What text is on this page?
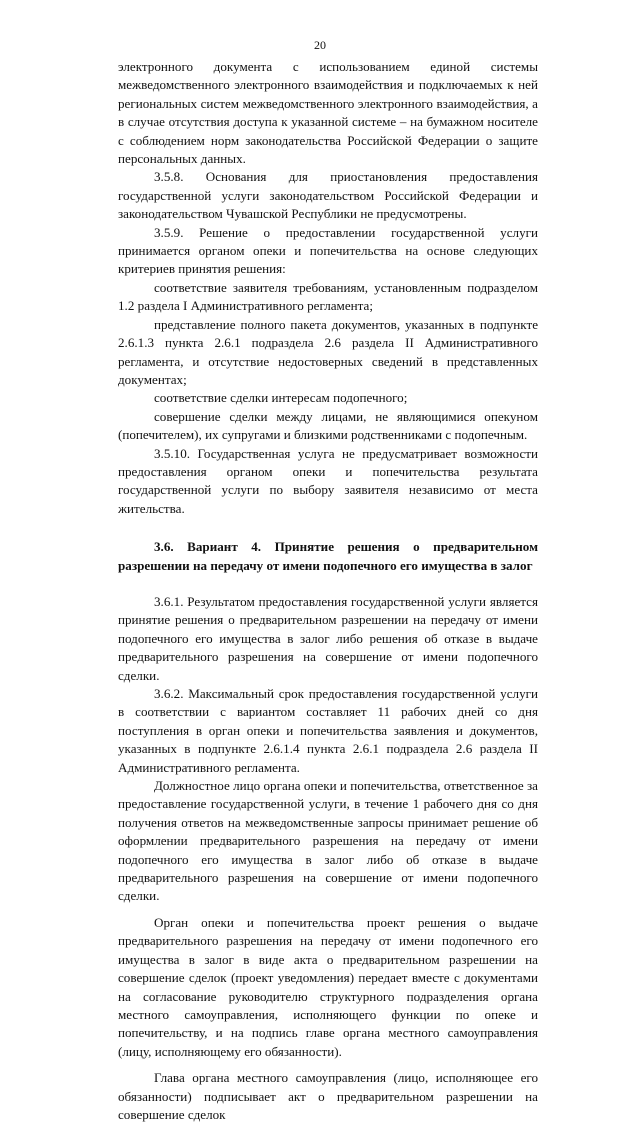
20

электронного документа с использованием единой системы межведомственного электронного взаимодействия и подключаемых к ней региональных систем межведомственного электронного взаимодействия, а в случае отсутствия доступа к указанной системе – на бумажном носителе с соблюдением норм законодательства Российской Федерации о защите персональных данных.

3.5.8. Основания для приостановления предоставления государственной услуги законодательством Российской Федерации и законодательством Чувашской Республики не предусмотрены.

3.5.9. Решение о предоставлении государственной услуги принимается органом опеки и попечительства на основе следующих критериев принятия решения:

соответствие заявителя требованиям, установленным подразделом 1.2 раздела I Административного регламента;

представление полного пакета документов, указанных в подпункте 2.6.1.3 пункта 2.6.1 подраздела 2.6 раздела II Административного регламента, и отсутствие недостоверных сведений в представленных документах;

соответствие сделки интересам подопечного;

совершение сделки между лицами, не являющимися опекуном (попечителем), их супругами и близкими родственниками с подопечным.

3.5.10. Государственная услуга не предусматривает возможности предоставления органом опеки и попечительства результата государственной услуги по выбору заявителя независимо от места жительства.

3.6. Вариант 4. Принятие решения о предварительном разрешении на передачу от имени подопечного его имущества в залог

3.6.1. Результатом предоставления государственной услуги является принятие решения о предварительном разрешении на передачу от имени подопечного его имущества в залог либо решения об отказе в выдаче предварительного разрешения на совершение от имени подопечного сделки.

3.6.2. Максимальный срок предоставления государственной услуги в соответствии с вариантом составляет 11 рабочих дней со дня поступления в орган опеки и попечительства заявления и документов, указанных в подпункте 2.6.1.4 пункта 2.6.1 подраздела 2.6 раздела II Административного регламента.

Должностное лицо органа опеки и попечительства, ответственное за предоставление государственной услуги, в течение 1 рабочего дня со дня получения ответов на межведомственные запросы принимает решение об оформлении предварительного разрешения на передачу от имени подопечного его имущества в залог либо об отказе в выдаче предварительного разрешения на совершение от имени подопечного сделки.

Орган опеки и попечительства проект решения о выдаче предварительного разрешения на передачу от имени подопечного его имущества в залог в виде акта о предварительном разрешении на совершение сделок (проект уведомления) передает вместе с документами на согласование руководителю структурного подразделения органа местного самоуправления, исполняющего функции по опеке и попечительству, и на подпись главе органа местного самоуправления (лицу, исполняющему его обязанности).

Глава органа местного самоуправления (лицо, исполняющее его обязанности) подписывает акт о предварительном разрешении на совершение сделок
